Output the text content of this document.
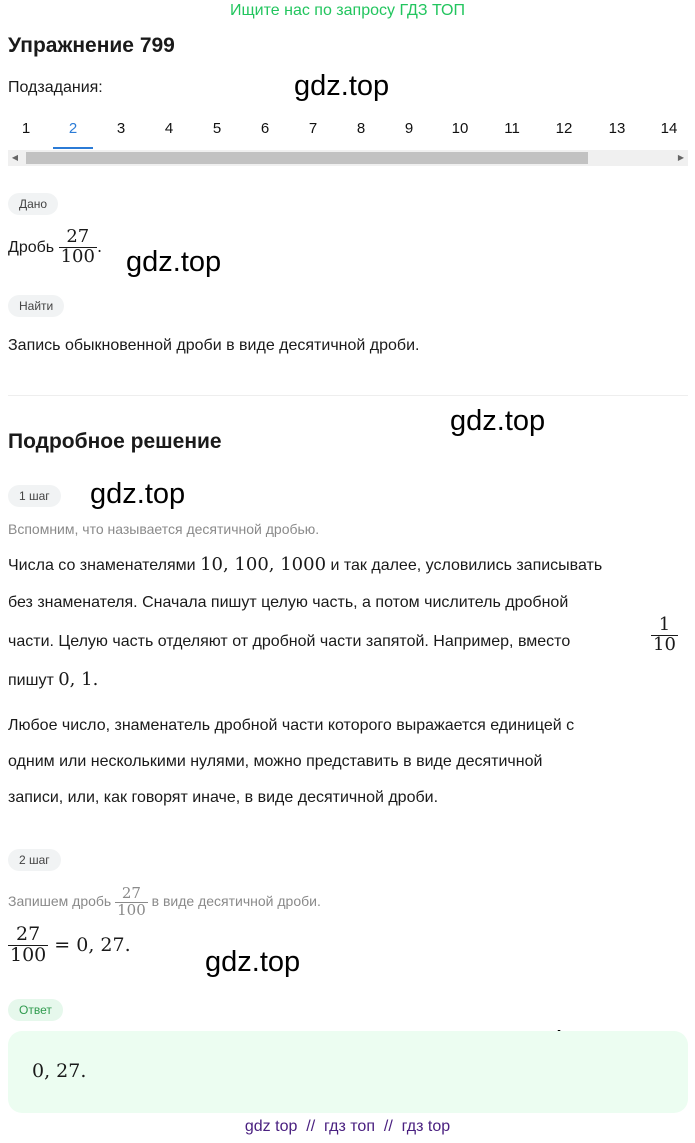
Ищите нас по запросу ГДЗ ТОП
Упражнение 799
Подзадания:	gdz.top
gdz.top
gdz.top
gdz.top
gdz.top
1	2	3	4	5	6	7	8	9	10 11 12 13 14
◀	▶
Дано
Дробь $\frac{27}{100}$ .
Найти
Запись обыкновенной дроби в виде десятичной дроби.
Подробное решение
1 шаг
Вспомним, что называется десятичной дробью.
Числа со знаменателями 10, 100, 1000 и так далее, условились записывать
без знаменателя. Сначала пишут целую часть, а потом числитель дробной
части. Целую часть отделяют от дробной части запятой. Например, вместо	$\frac{1}{10}$
пишут 0, 1.
Любое число, знаменатель дробной части которого выражается единицей с
одним или несколькими нулями, можно представить в виде десятичной
записи, или, как говорят иначе, в виде десятичной дроби.
2 шаг
Запишем дробь $\frac{27}{100}$ в виде десятичной дроби.
$\frac{27}{100} = 0$, 27.
Ответ
0, 27.
gdz top  //  гдз топ  //  гдз top
